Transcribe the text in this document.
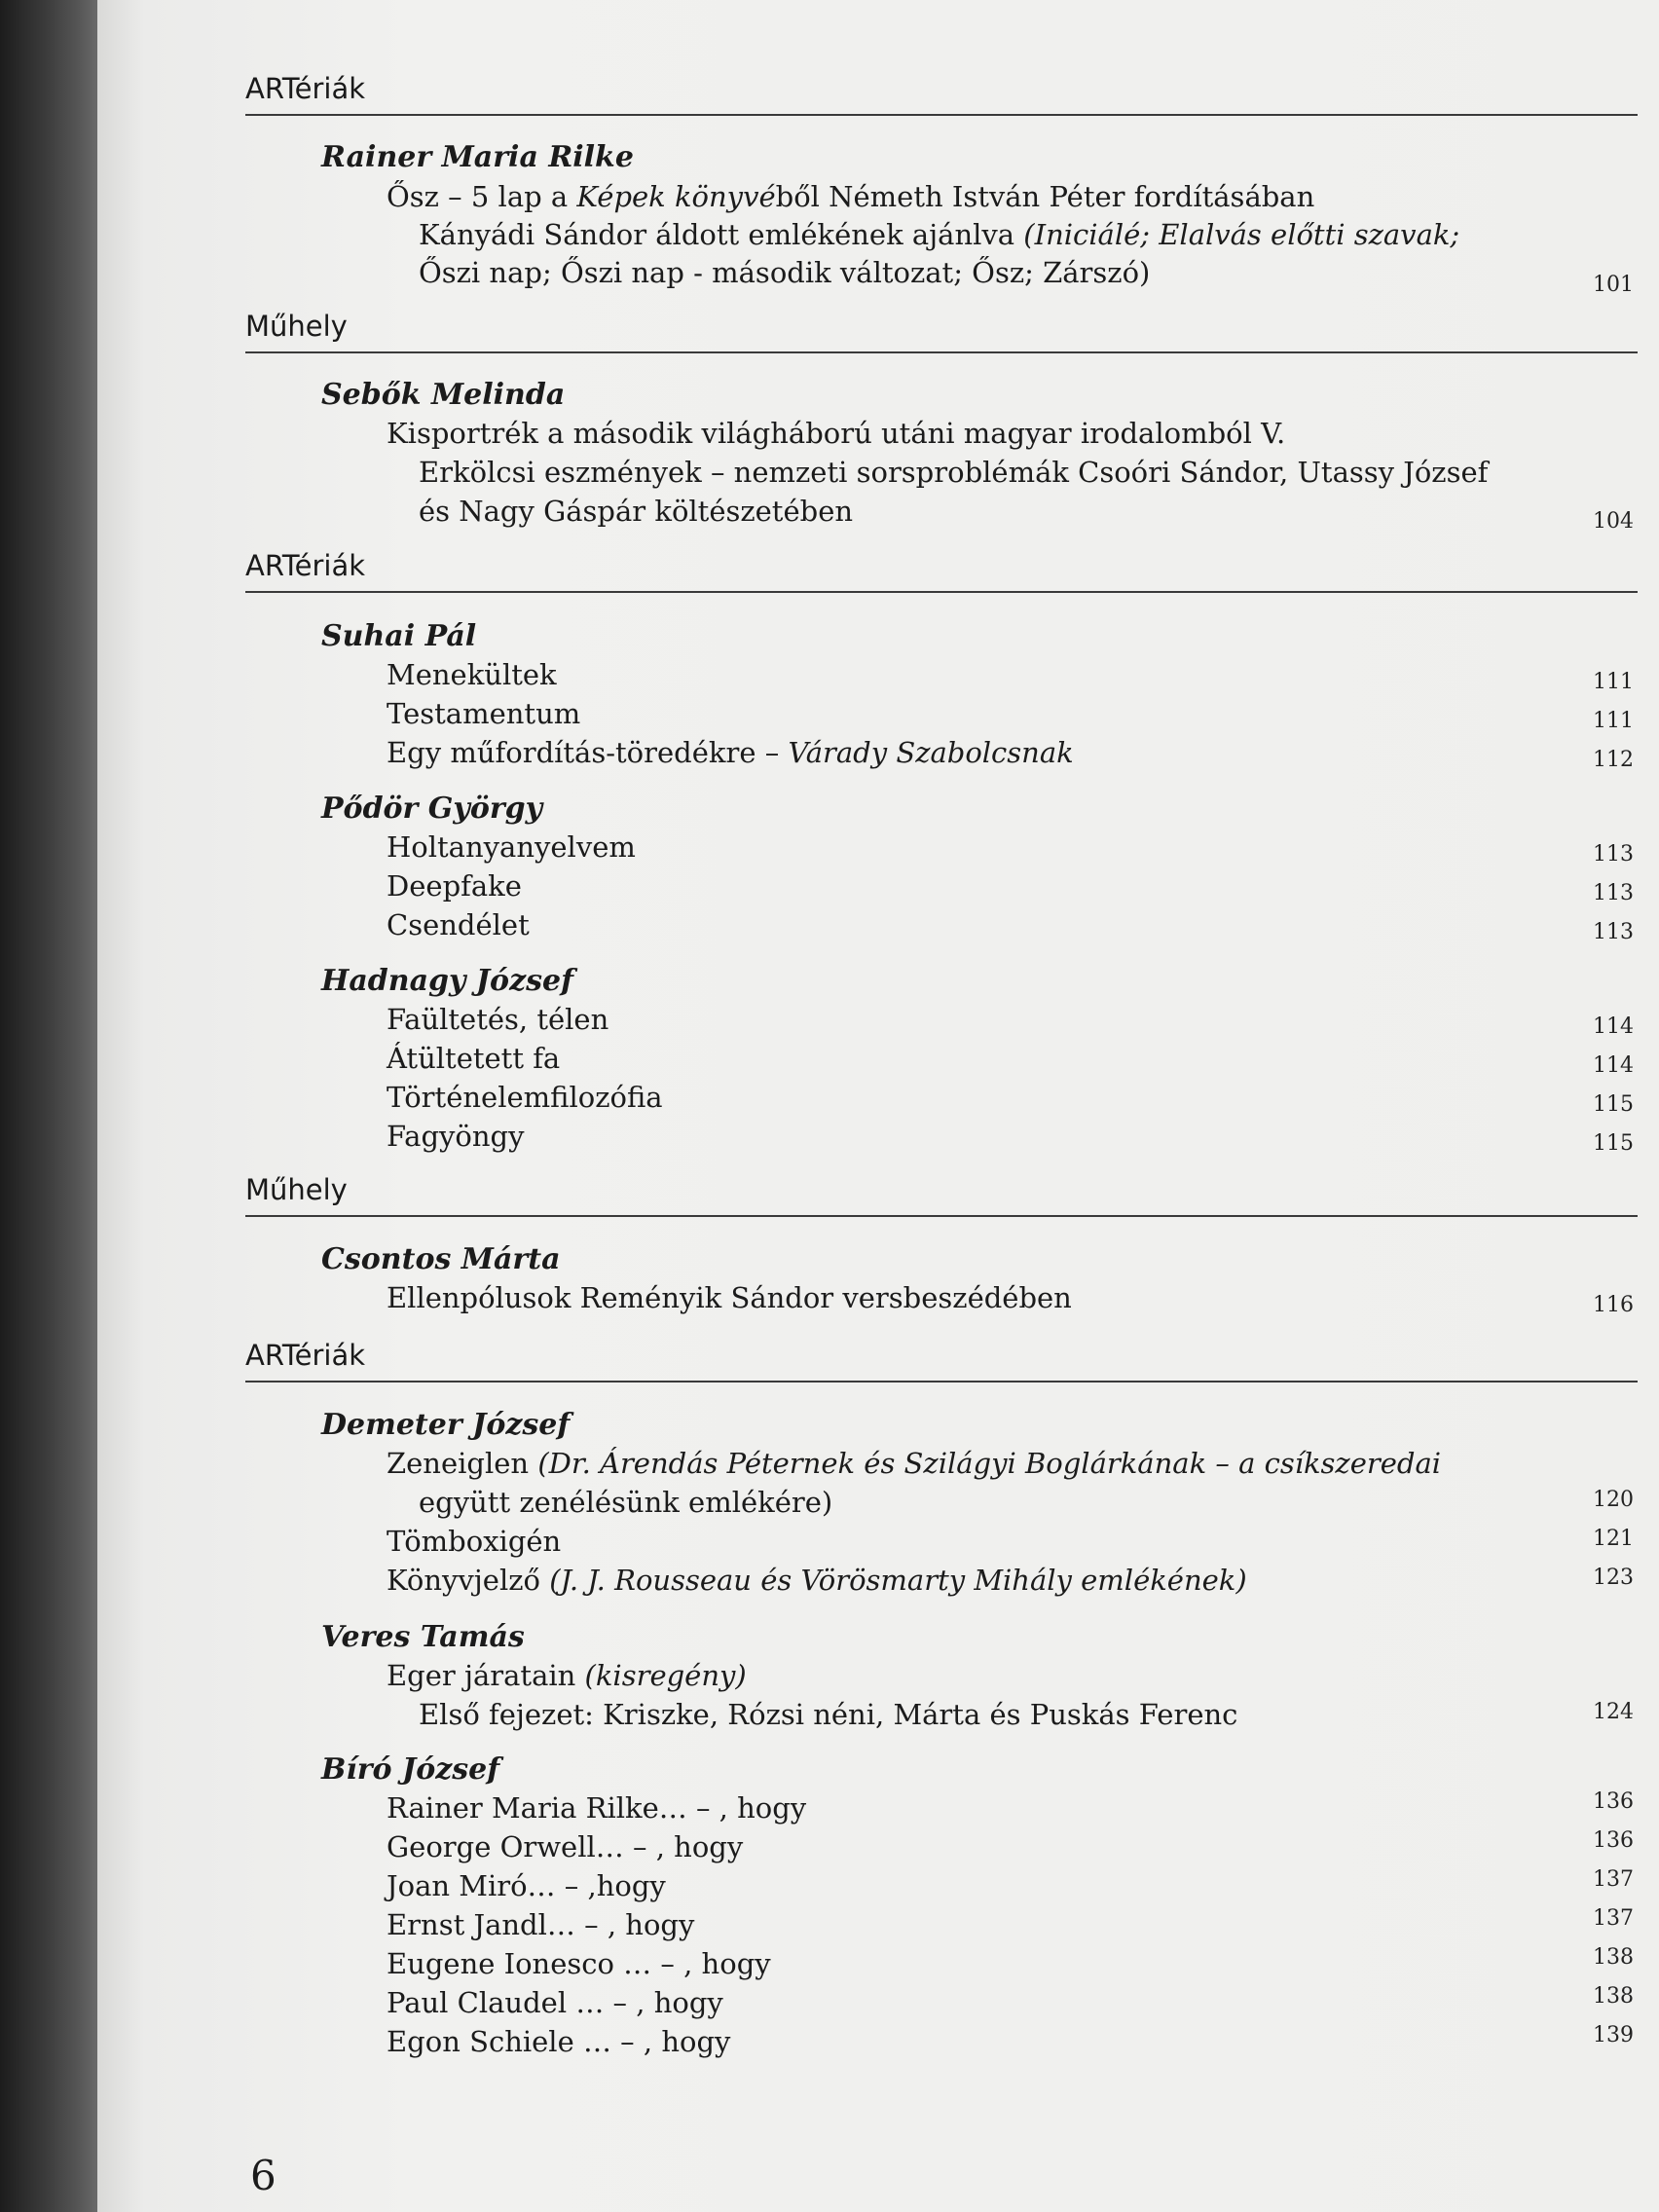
ARTériák
Rainer Maria Rilke
Ősz – 5 lap a Képek könyvéből Németh István Péter fordításában
Kányádi Sándor áldott emlékének ajánlva (Iniciálé; Elalvás előtti szavak;
Őszi nap; Őszi nap - második változat; Ősz; Zárszó)	101
Műhely
Sebők Melinda
Kisportrék a második világháború utáni magyar irodalomból V.
Erkölcsi eszmények – nemzeti sorsproblémák Csoóri Sándor, Utassy József
és Nagy Gáspár költészetében	104
ARTériák
Suhai Pál
Menekültek	111
Testamentum	111
Egy műfordítás-töredékre – Várady Szabolcsnak	112
Pődör György
Holtanyanyelvem	113
Deepfake	113
Csendélet	113
Hadnagy József
Faültetés, télen	114
Átültetett fa	114
Történelemfilozófia	115
Fagyöngy	115
Műhely
Csontos Márta
Ellenpólusok Reményik Sándor versbeszédében	116
ARTériák
Demeter József
Zeneiglen (Dr. Árendás Péternek és Szilágyi Boglárkának – a csíkszeredai
együtt zenélésünk emlékére)	120
Tömboxigén	121
Könyvjelző (J. J. Rousseau és Vörösmarty Mihály emlékének)	123
Veres Tamás
Eger járatain (kisregény)
Első fejezet: Kriszke, Rózsi néni, Márta és Puskás Ferenc	124
Bíró József
Rainer Maria Rilke… – , hogy	136
George Orwell… – , hogy	136
Joan Miró… – ,hogy	137
Ernst Jandl… – , hogy	137
Eugene Ionesco … – , hogy	138
Paul Claudel … – , hogy	138
Egon Schiele … – , hogy	139
6
